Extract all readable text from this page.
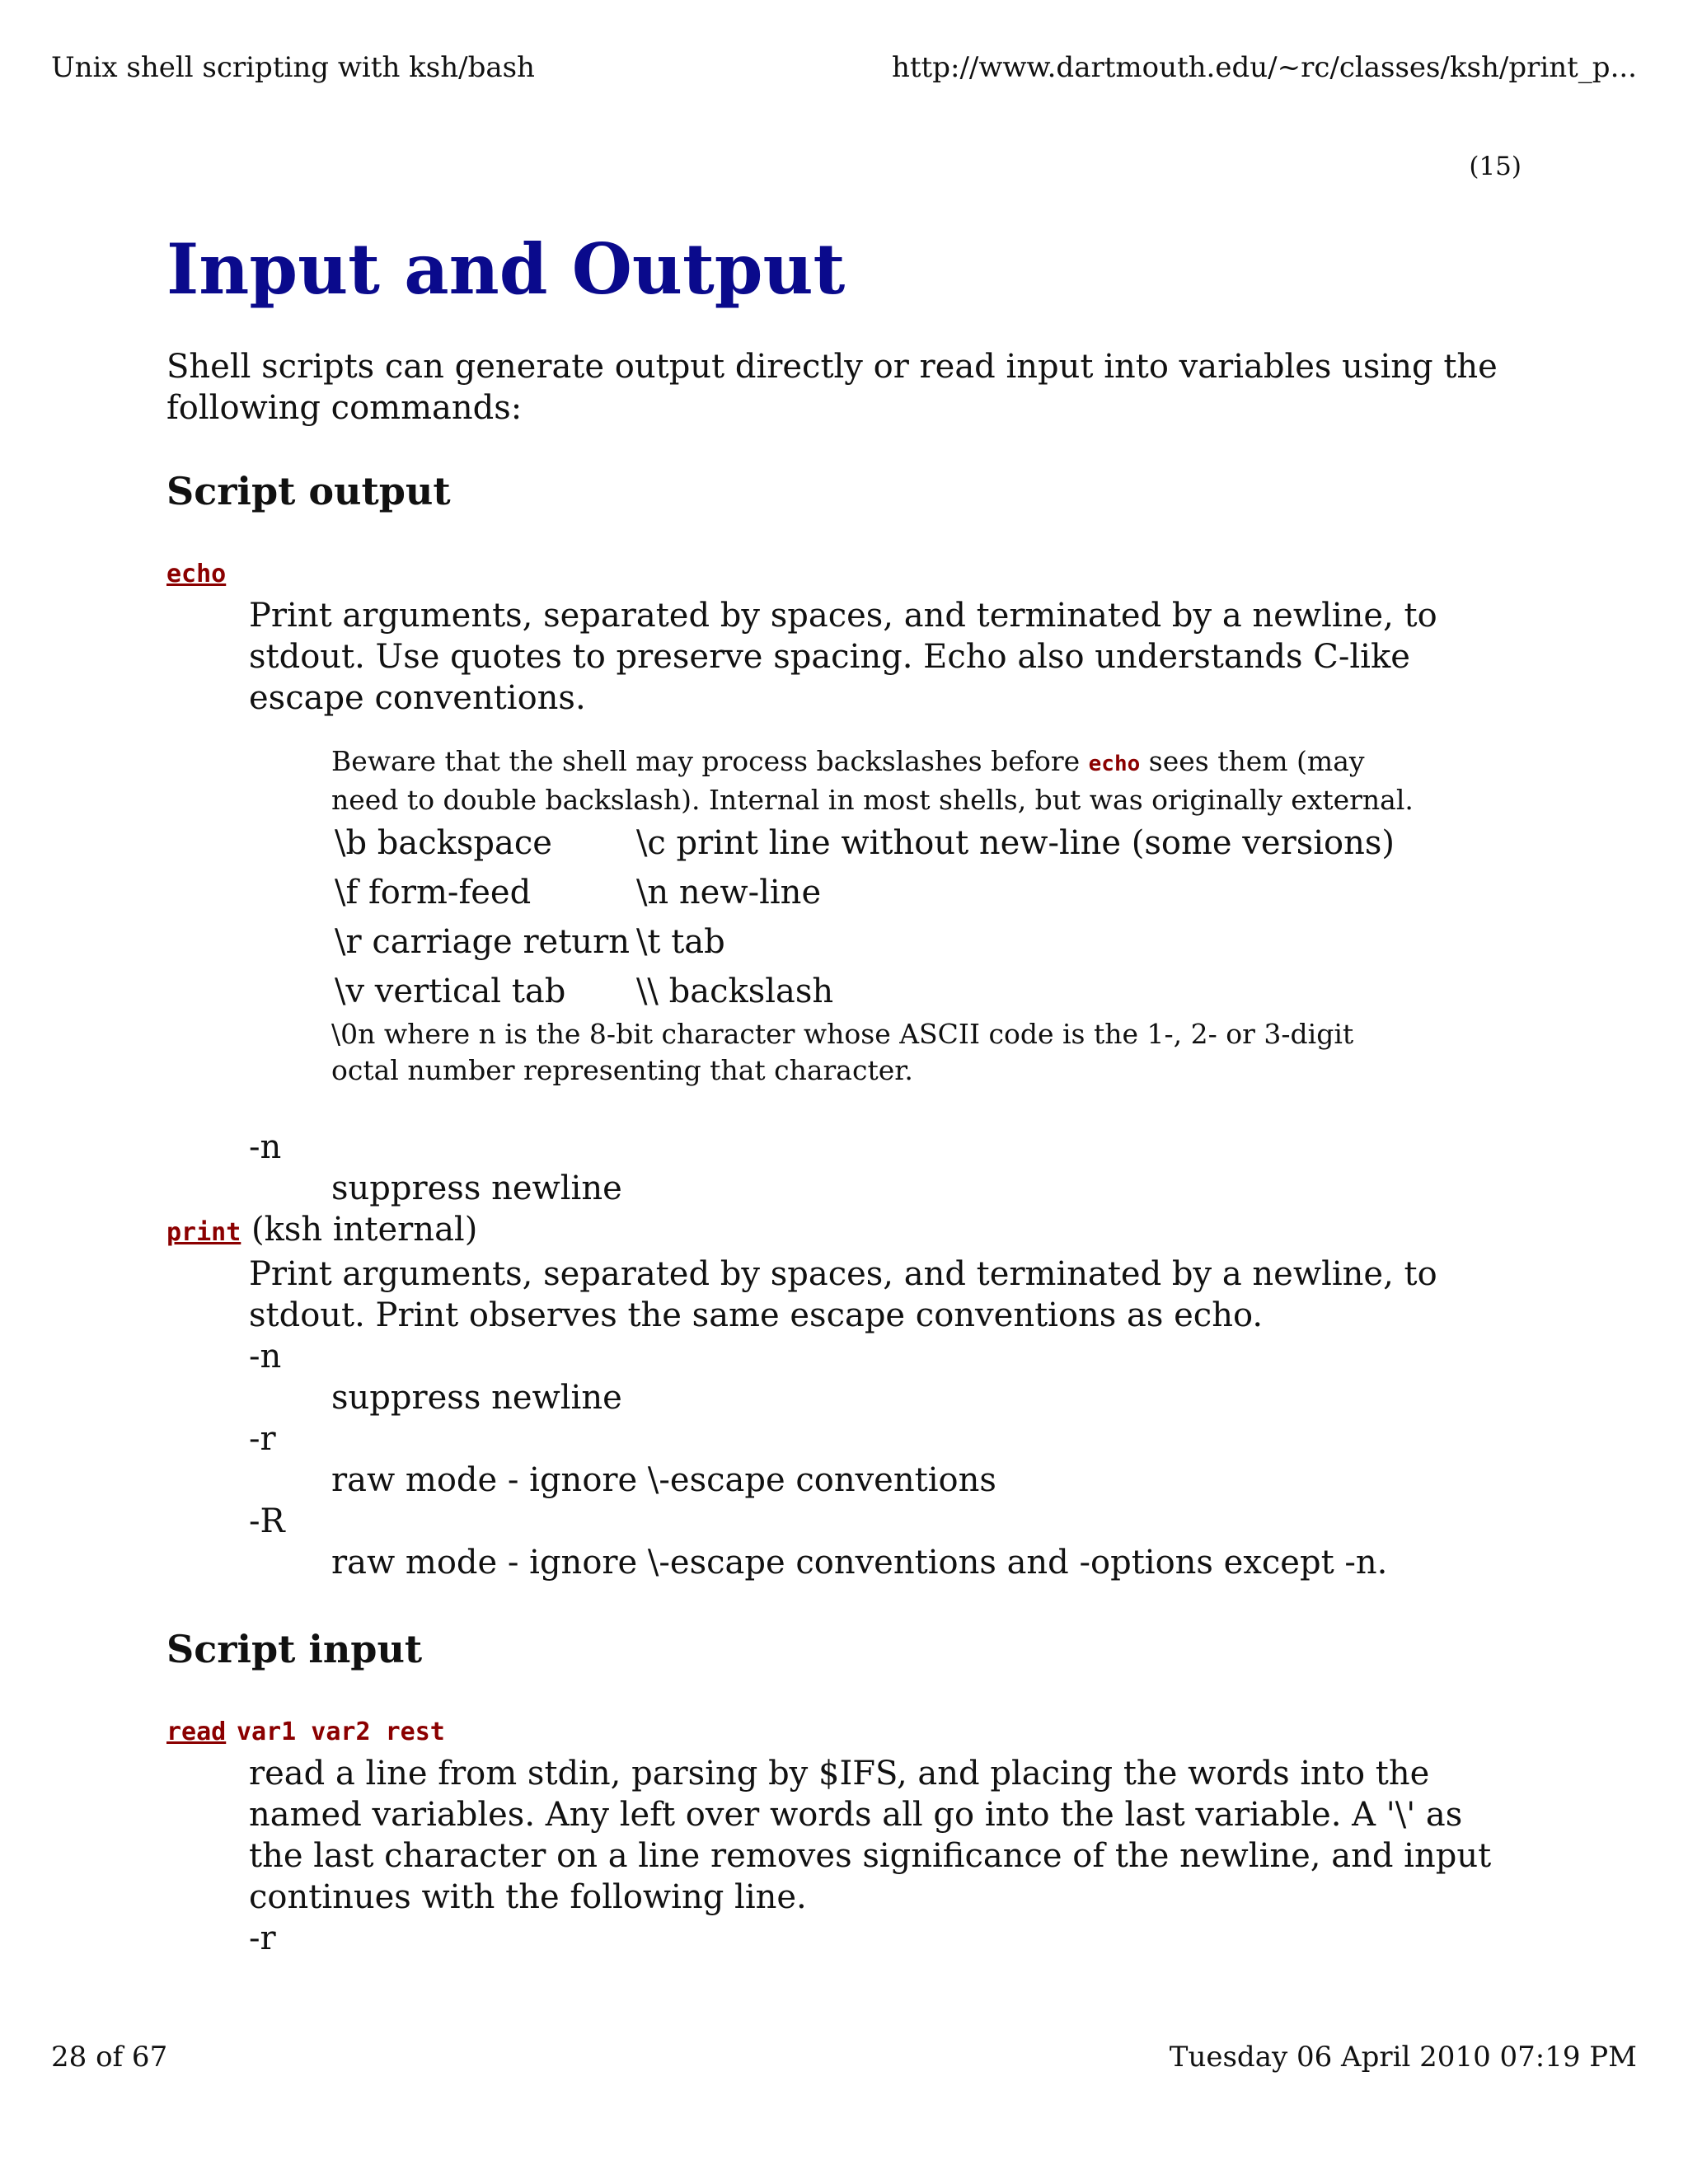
Unix shell scripting with ksh/bash	http://www.dartmouth.edu/~rc/classes/ksh/print_p...
(15)
Input and Output

Shell scripts can generate output directly or read input into variables using the following commands:

Script output
echo
Print arguments, separated by spaces, and terminated by a newline, to stdout. Use quotes to preserve spacing. Echo also understands C-like escape conventions.
Beware that the shell may process backslashes before echo sees them (may need to double backslash). Internal in most shells, but was originally external.
\b backspace	\c print line without new-line (some versions)
\f form-feed	\n new-line
\r carriage return	\t tab
\v vertical tab	\\ backslash
\0n where n is the 8-bit character whose ASCII code is the 1-, 2- or 3-digit octal number representing that character.
-n
suppress newline
print (ksh internal)
Print arguments, separated by spaces, and terminated by a newline, to stdout. Print observes the same escape conventions as echo.
-n
suppress newline
-r
raw mode - ignore \-escape conventions
-R
raw mode - ignore \-escape conventions and -options except -n.
Script input
read var1 var2 rest
read a line from stdin, parsing by $IFS, and placing the words into the named variables. Any left over words all go into the last variable. A '\' as the last character on a line removes significance of the newline, and input continues with the following line.
-r
28 of 67	Tuesday 06 April 2010 07:19 PM
